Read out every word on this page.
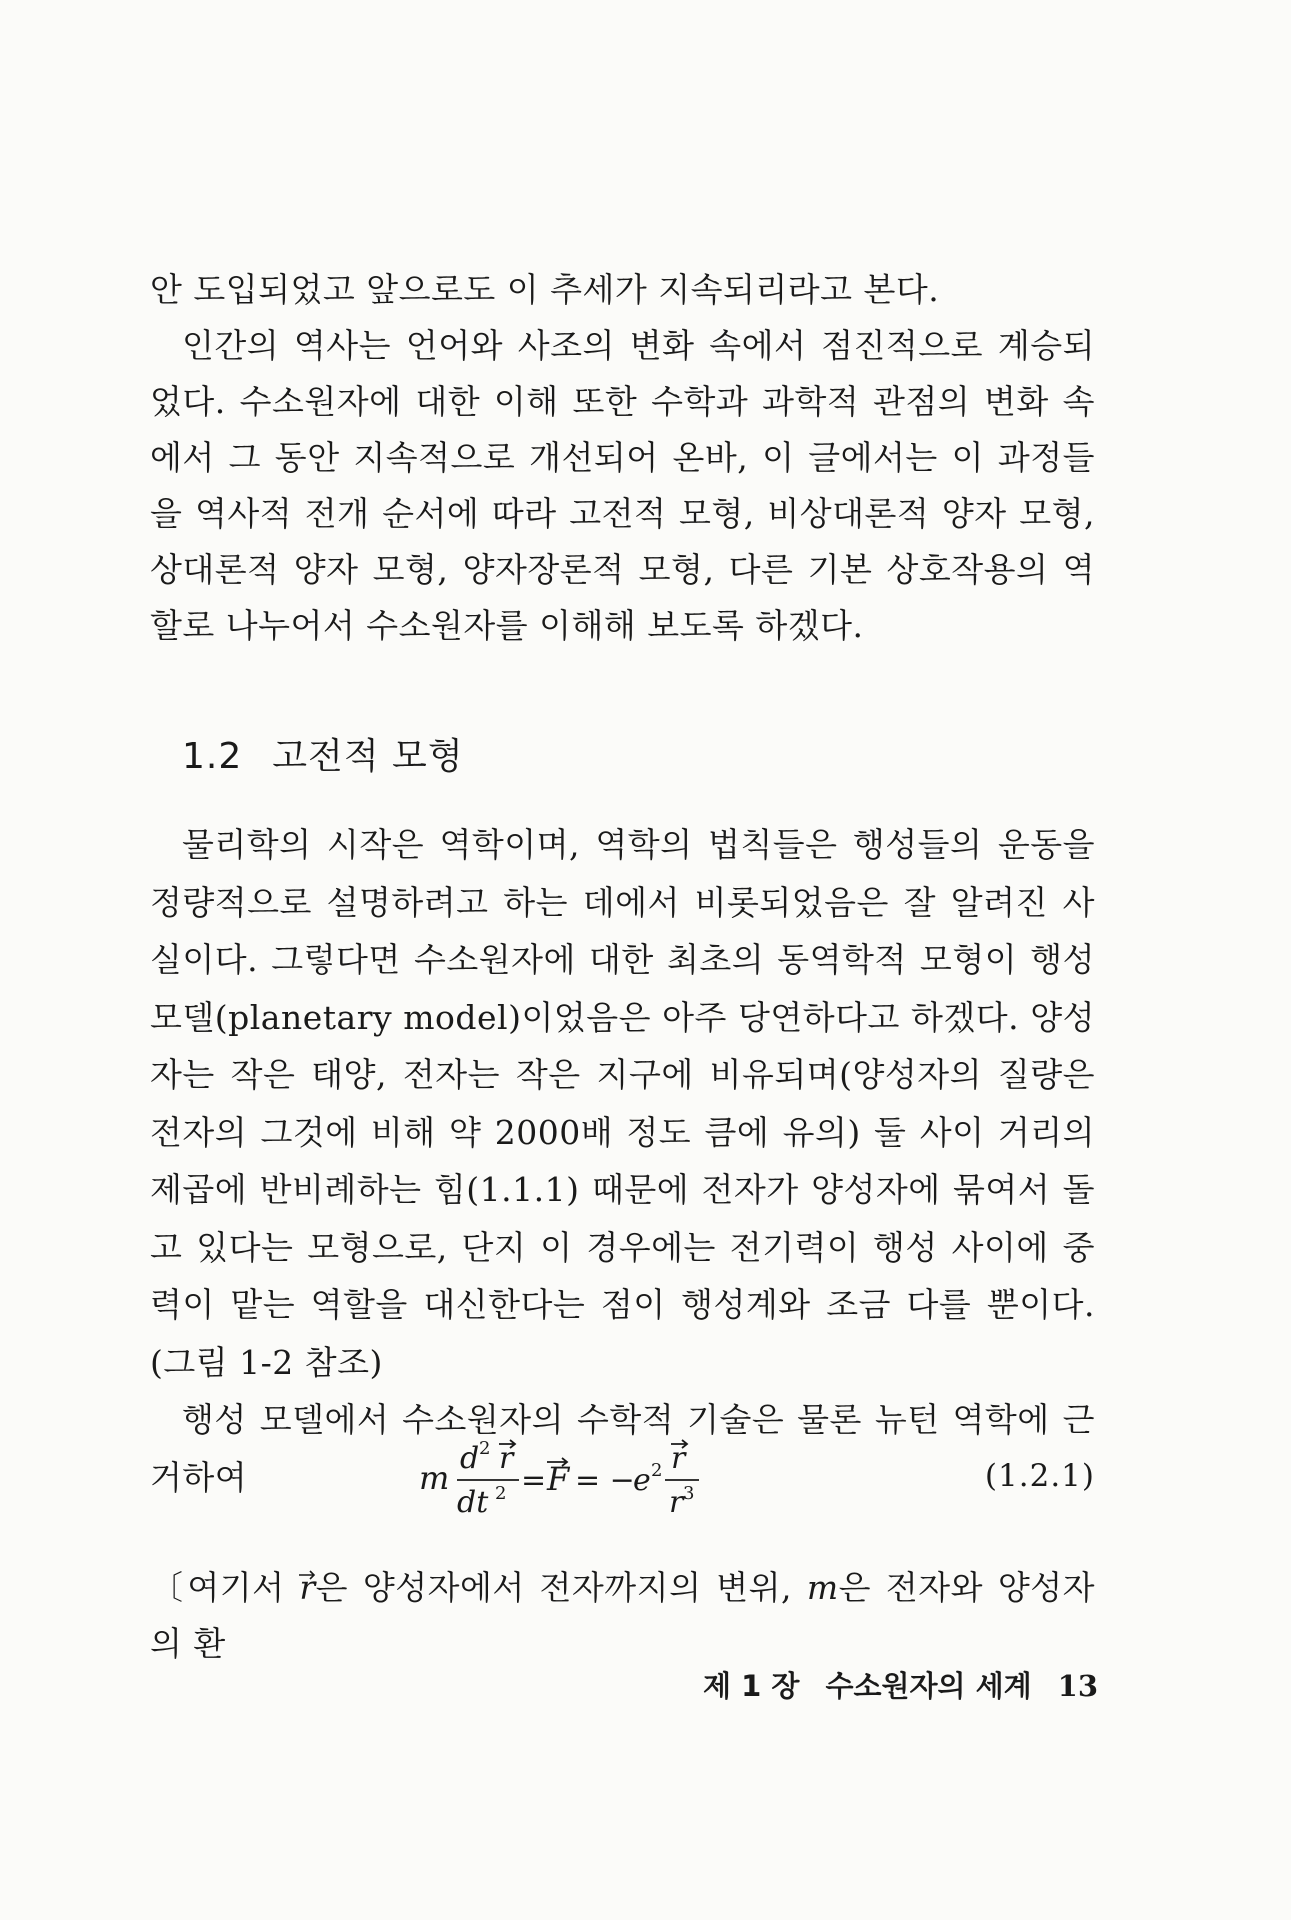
안 도입되었고 앞으로도 이 추세가 지속되리라고 본다.

인간의 역사는 언어와 사조의 변화 속에서 점진적으로 계승되었다. 수소원자에 대한 이해 또한 수학과 과학적 관점의 변화 속에서 그 동안 지속적으로 개선되어 온바, 이 글에서는 이 과정들을 역사적 전개 순서에 따라 고전적 모형, 비상대론적 양자 모형, 상대론적 양자 모형, 양자장론적 모형, 다른 기본 상호작용의 역할로 나누어서 수소원자를 이해해 보도록 하겠다.

1.2 고전적 모형

물리학의 시작은 역학이며, 역학의 법칙들은 행성들의 운동을 정량적으로 설명하려고 하는 데에서 비롯되었음은 잘 알려진 사실이다. 그렇다면 수소원자에 대한 최초의 동역학적 모형이 행성 모델(planetary model)이었음은 아주 당연하다고 하겠다. 양성자는 작은 태양, 전자는 작은 지구에 비유되며(양성자의 질량은 전자의 그것에 비해 약 2000배 정도 큼에 유의) 둘 사이 거리의 제곱에 반비례하는 힘(1.1.1) 때문에 전자가 양성자에 묶여서 돌고 있다는 모형으로, 단지 이 경우에는 전기력이 행성 사이에 중력이 맡는 역할을 대신한다는 점이 행성계와 조금 다를 뿐이다. (그림 1-2 참조)

행성 모델에서 수소원자의 수학적 기술은 물론 뉴턴 역학에 근거하여	m
d 2 r
dt 2 = F = −
e 2 r
r 3	(1.2.1)

〔여기서 r
은 양성자에서 전자까지의 변위, m은 전자와 양성자의 환

제 1 장 수소원자의 세계 13
